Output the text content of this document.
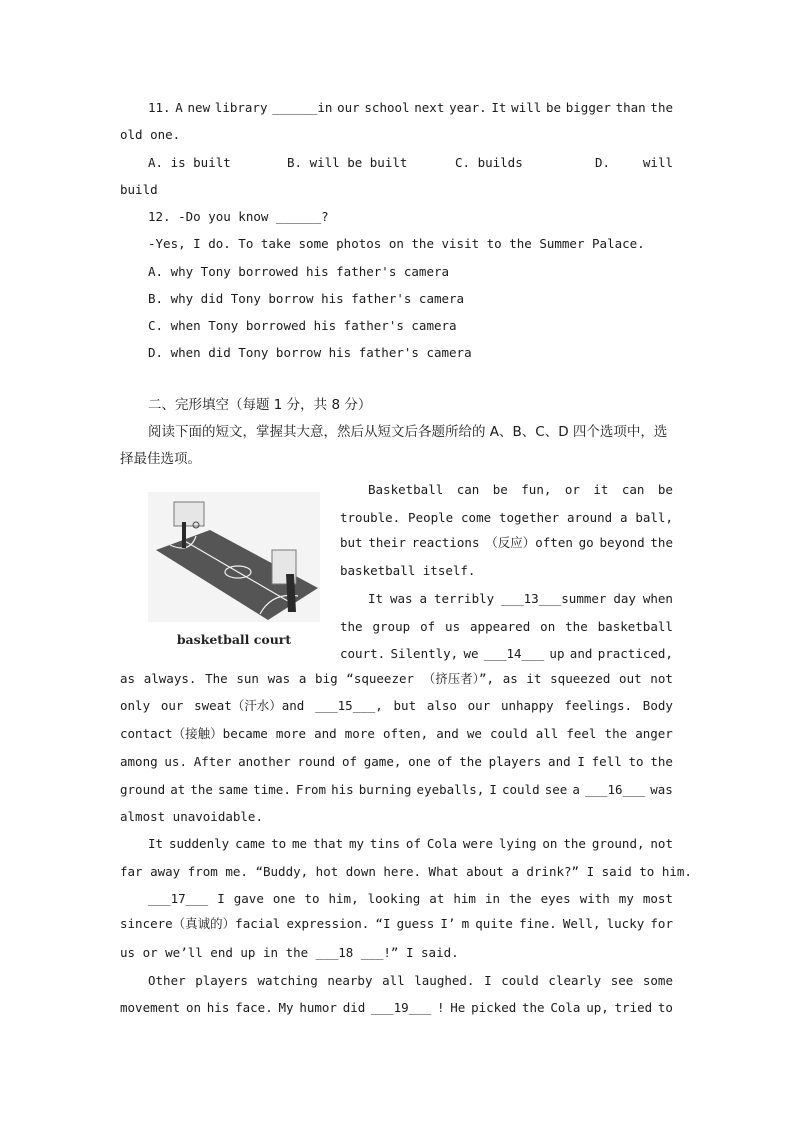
11. A new library ______in our school next year. It will be bigger than the
old one.
A. is built	B. will be built	C. builds	D.	will
build
12. -Do you know ______?
-Yes, I do. To take some photos on the visit to the Summer Palace.
A. why Tony borrowed his father's camera
B. why did Tony borrow his father's camera
C. when Tony borrowed his father's camera
D. when did Tony borrow his father's camera
二、完形填空（每题 1 分，共 8 分）
阅读下面的短文，掌握其大意，然后从短文后各题所给的 A、B、C、D 四个选项中，选
择最佳选项。
basketball court
Basketball can be fun, or it can be
trouble. People come together around a ball,
but their reactions （反应）often go beyond the
basketball itself.
It was a terribly ___13___summer day when
the group of us appeared on the basketball
court. Silently, we ___14___ up and practiced,
as always. The sun was a big “squeezer （挤压者）”, as it squeezed out not
only our sweat（汗水）and ___15___, but also our unhappy feelings. Body
contact（接触）became more and more often, and we could all feel the anger
among us. After another round of game, one of the players and I fell to the
ground at the same time. From his burning eyeballs, I could see a ___16___ was
almost unavoidable.
It suddenly came to me that my tins of Cola were lying on the ground, not
far away from me. “Buddy, hot down here. What about a drink?” I said to him.
___17___ I gave one to him, looking at him in the eyes with my most
sincere（真诚的）facial expression. “I guess I’ m quite fine. Well, lucky for
us or we’ll end up in the ___18 ___!” I said.
Other players watching nearby all laughed. I could clearly see some
movement on his face. My humor did ___19___ ! He picked the Cola up, tried to
